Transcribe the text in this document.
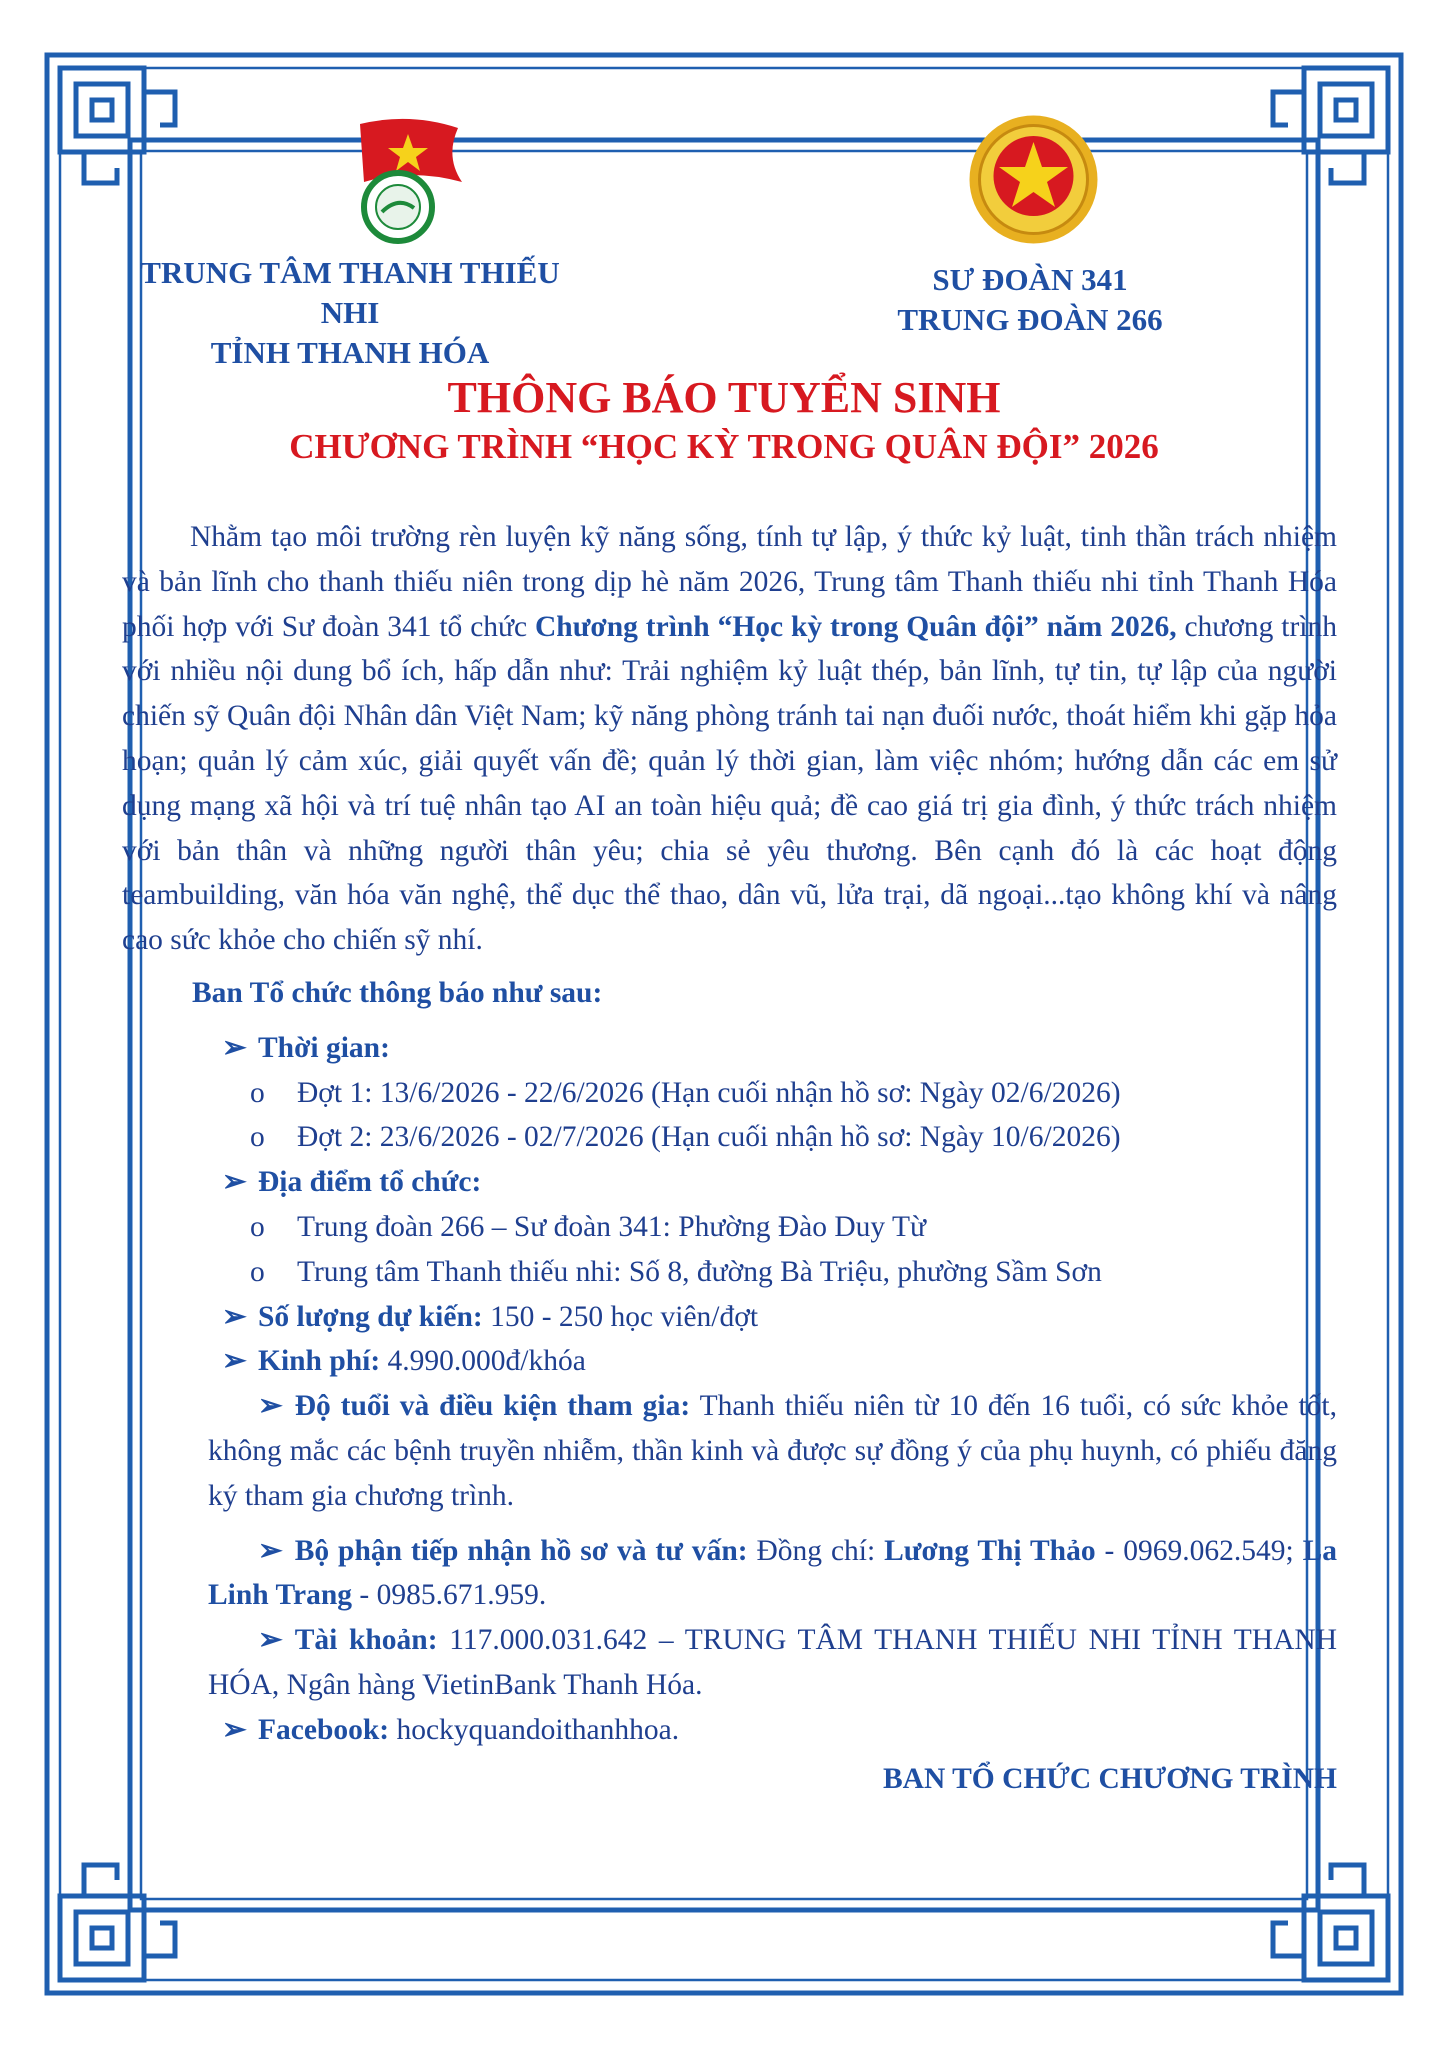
TRUNG TÂM THANH THIẾU NHI
TỈNH THANH HÓA
SƯ ĐOÀN 341
TRUNG ĐOÀN 266
THÔNG BÁO TUYỂN SINH
CHƯƠNG TRÌNH “HỌC KỲ TRONG QUÂN ĐỘI” 2026

Nhằm tạo môi trường rèn luyện kỹ năng sống, tính tự lập, ý thức kỷ luật, tinh thần trách nhiệm và bản lĩnh cho thanh thiếu niên trong dịp hè năm 2026, Trung tâm Thanh thiếu nhi tỉnh Thanh Hóa phối hợp với Sư đoàn 341 tổ chức Chương trình “Học kỳ trong Quân đội” năm 2026, chương trình với nhiều nội dung bổ ích, hấp dẫn như: Trải nghiệm kỷ luật thép, bản lĩnh, tự tin, tự lập của người chiến sỹ Quân đội Nhân dân Việt Nam; kỹ năng phòng tránh tai nạn đuối nước, thoát hiểm khi gặp hỏa hoạn; quản lý cảm xúc, giải quyết vấn đề; quản lý thời gian, làm việc nhóm; hướng dẫn các em sử dụng mạng xã hội và trí tuệ nhân tạo AI an toàn hiệu quả; đề cao giá trị gia đình, ý thức trách nhiệm với bản thân và những người thân yêu; chia sẻ yêu thương. Bên cạnh đó là các hoạt động teambuilding, văn hóa văn nghệ, thể dục thể thao, dân vũ, lửa trại, dã ngoại...tạo không khí và nâng cao sức khỏe cho chiến sỹ nhí.

Ban Tổ chức thông báo như sau:
➢ Thời gian:
o Đợt 1: 13/6/2026 - 22/6/2026 (Hạn cuối nhận hồ sơ: Ngày 02/6/2026)
o Đợt 2: 23/6/2026 - 02/7/2026 (Hạn cuối nhận hồ sơ: Ngày 10/6/2026)
➢ Địa điểm tổ chức:
o Trung đoàn 266 – Sư đoàn 341: Phường Đào Duy Từ
o Trung tâm Thanh thiếu nhi: Số 8, đường Bà Triệu, phường Sầm Sơn
➢ Số lượng dự kiến: 150 - 250 học viên/đợt
➢ Kinh phí: 4.990.000đ/khóa

➢ Độ tuổi và điều kiện tham gia: Thanh thiếu niên từ 10 đến 16 tuổi, có sức khỏe tốt, không mắc các bệnh truyền nhiễm, thần kinh và được sự đồng ý của phụ huynh, có phiếu đăng ký tham gia chương trình.

➢ Bộ phận tiếp nhận hồ sơ và tư vấn: Đồng chí: Lương Thị Thảo - 0969.062.549; La Linh Trang - 0985.671.959.

➢ Tài khoản: 117.000.031.642 – TRUNG TÂM THANH THIẾU NHI TỈNH THANH HÓA, Ngân hàng VietinBank Thanh Hóa.

➢ Facebook: hockyquandoithanhhoa.
BAN TỔ CHỨC CHƯƠNG TRÌNH
